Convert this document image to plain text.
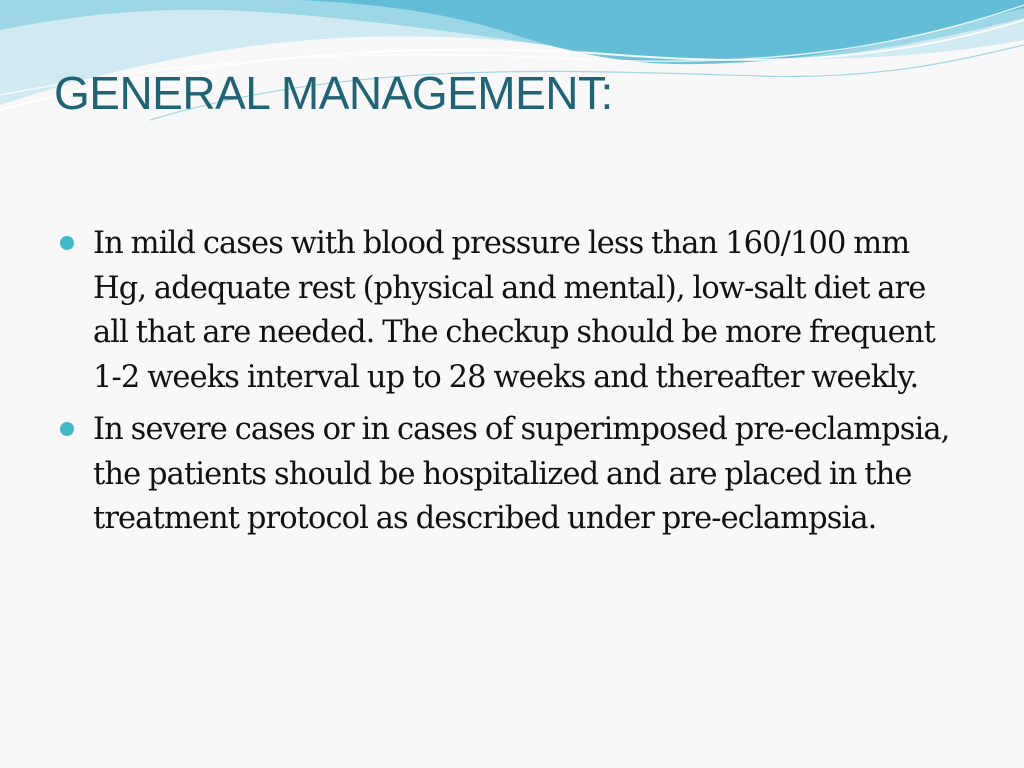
GENERAL MANAGEMENT:
In mild cases with blood pressure less than 160/100 mm Hg, adequate rest (physical and mental), low-salt diet are all that are needed. The checkup should be more frequent 1-2 weeks interval up to 28 weeks and thereafter weekly.
In severe cases or in cases of superimposed pre-eclampsia, the patients should be hospitalized and are placed in the treatment protocol as described under pre-eclampsia.
